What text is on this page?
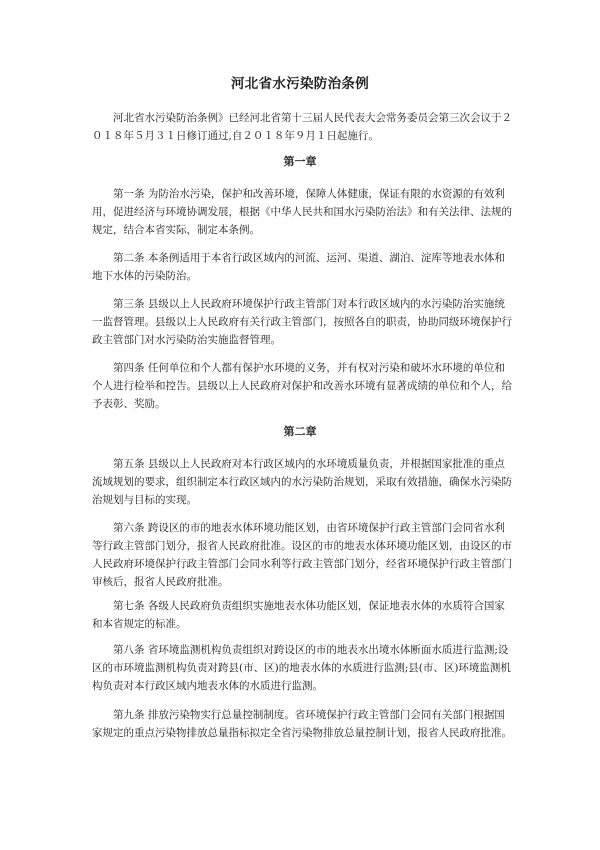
河北省水污染防治条例
河北省水污染防治条例》已经河北省第十三届人民代表大会常务委员会第三次会议于２０１８年５月３１日修订通过,自２０１８年９月１日起施行。
第一章
第一条 为防治水污染，保护和改善环境，保障人体健康，保证有限的水资源的有效利用，促进经济与环境协调发展，根据《中华人民共和国水污染防治法》和有关法律、法规的规定，结合本省实际，制定本条例。
第二条 本条例适用于本省行政区域内的河流、运河、渠道、湖泊、淀库等地表水体和地下水体的污染防治。
第三条 县级以上人民政府环境保护行政主管部门对本行政区域内的水污染防治实施统一监督管理。县级以上人民政府有关行政主管部门，按照各自的职责，协助同级环境保护行政主管部门对水污染防治实施监督管理。
第四条 任何单位和个人都有保护水环境的义务，并有权对污染和破坏水环境的单位和个人进行检举和控告。县级以上人民政府对保护和改善水环境有显著成绩的单位和个人，给予表彰、奖励。
第二章
第五条 县级以上人民政府对本行政区域内的水环境质量负责，并根据国家批准的重点流域规划的要求，组织制定本行政区域内的水污染防治规划，采取有效措施，确保水污染防治规划与目标的实现。
第六条 跨设区的市的地表水体环境功能区划，由省环境保护行政主管部门会同省水利等行政主管部门划分，报省人民政府批准。设区的市的地表水体环境功能区划，由设区的市人民政府环境保护行政主管部门会同水利等行政主管部门划分，经省环境保护行政主管部门审核后，报省人民政府批准。
第七条 各级人民政府负责组织实施地表水体功能区划，保证地表水体的水质符合国家和本省规定的标准。
第八条 省环境监测机构负责组织对跨设区的市的地表水出境水体断面水质进行监测;设区的市环境监测机构负责对跨县(市、区)的地表水体的水质进行监测;县(市、区)环境监测机构负责对本行政区域内地表水体的水质进行监测。
第九条 排放污染物实行总量控制制度。省环境保护行政主管部门会同有关部门根据国家规定的重点污染物排放总量指标拟定全省污染物排放总量控制计划，报省人民政府批准。
